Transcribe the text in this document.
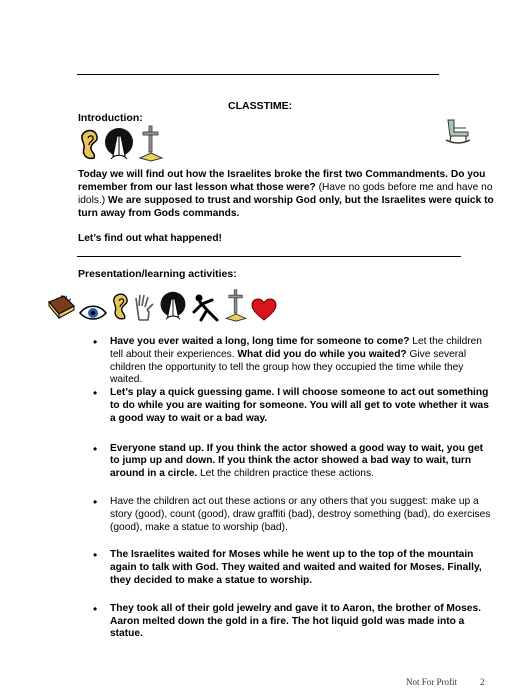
CLASSTIME:
Introduction:
Today we will find out how the Israelites broke the first two Commandments. Do you remember from our last lesson what those were? (Have no gods before me and have no idols.) We are supposed to trust and worship God only, but the Israelites were quick to turn away from Gods commands.
Let’s find out what happened!
Presentation/learning activities:
• Have you ever waited a long, long time for someone to come? Let the children tell about their experiences. What did you do while you waited? Give several children the opportunity to tell the group how they occupied the time while they waited.
• Let’s play a quick guessing game. I will choose someone to act out something to do while you are waiting for someone. You will all get to vote whether it was a good way to wait or a bad way.
• Everyone stand up. If you think the actor showed a good way to wait, you get to jump up and down. If you think the actor showed a bad way to wait, turn around in a circle. Let the children practice these actions.
• Have the children act out these actions or any others that you suggest: make up a story (good), count (good), draw graffiti (bad), destroy something (bad), do exercises (good), make a statue to worship (bad).
• The Israelites waited for Moses while he went up to the top of the mountain again to talk with God. They waited and waited and waited for Moses. Finally, they decided to make a statue to worship.
• They took all of their gold jewelry and gave it to Aaron, the brother of Moses. Aaron melted down the gold in a fire. The hot liquid gold was made into a statue.
Not For Profit	2
